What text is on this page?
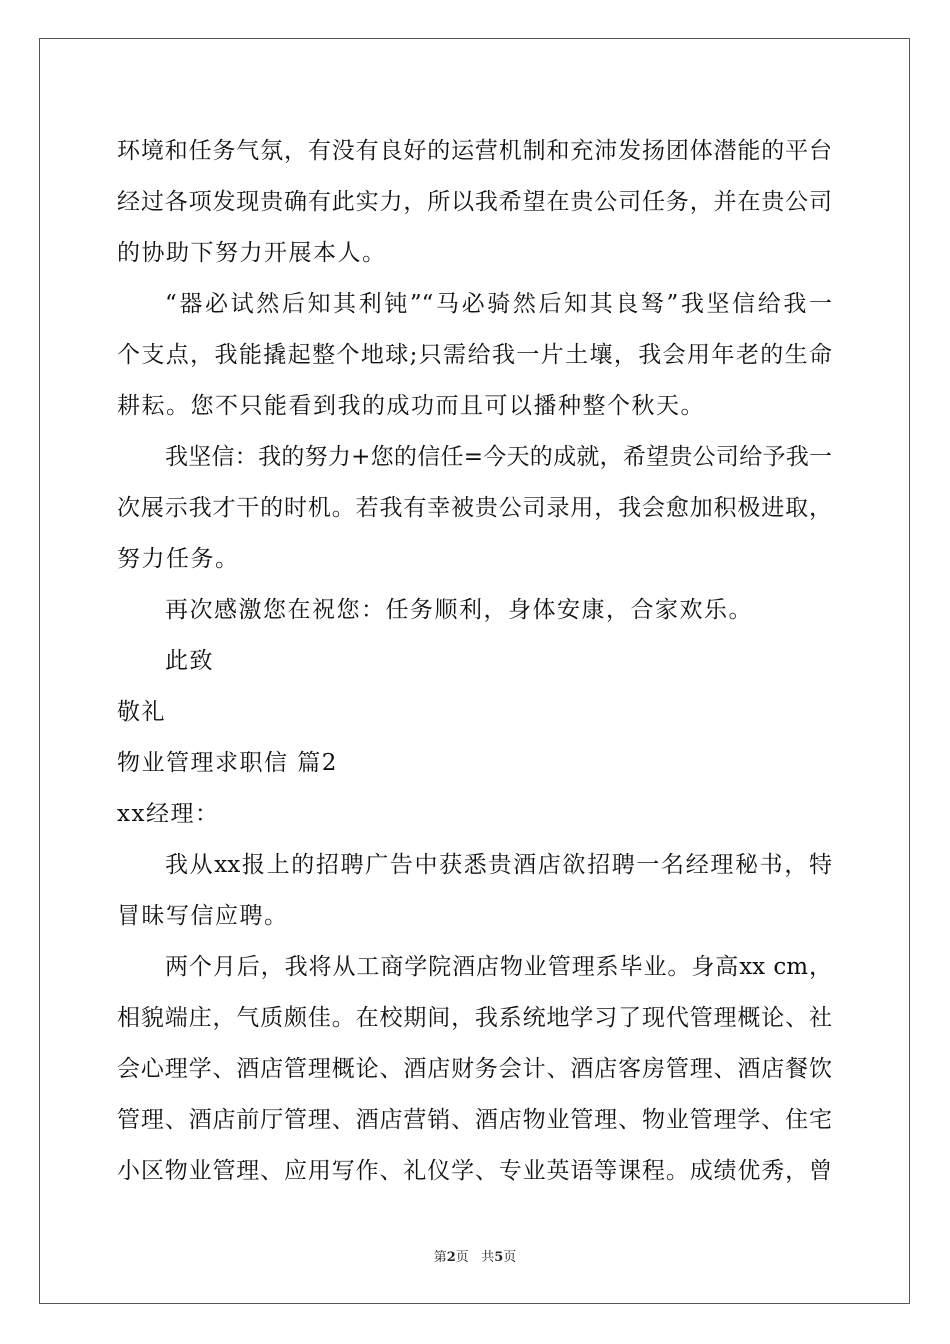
环境和任务气氛，有没有良好的运营机制和充沛发扬团体潜能的平台
经过各项发现贵确有此实力，所以我希望在贵公司任务，并在贵公司
的协助下努力开展本人。
“器必试然后知其利钝”“马必骑然后知其良驽”我坚信给我一
个支点，我能撬起整个地球;只需给我一片土壤，我会用年老的生命
耕耘。您不只能看到我的成功而且可以播种整个秋天。
我坚信：我的努力+您的信任=今天的成就，希望贵公司给予我一
次展示我才干的时机。若我有幸被贵公司录用，我会愈加积极进取，
努力任务。
再次感激您在祝您：任务顺利，身体安康，合家欢乐。
此致
敬礼
物业管理求职信 篇2
xx经理：
我从xx报上的招聘广告中获悉贵酒店欲招聘一名经理秘书，特
冒昧写信应聘。
两个月后，我将从工商学院酒店物业管理系毕业。身高xx cm，
相貌端庄，气质颇佳。在校期间，我系统地学习了现代管理概论、社
会心理学、酒店管理概论、酒店财务会计、酒店客房管理、酒店餐饮
管理、酒店前厅管理、酒店营销、酒店物业管理、物业管理学、住宅
小区物业管理、应用写作、礼仪学、专业英语等课程。成绩优秀，曾
第2页   共5页
